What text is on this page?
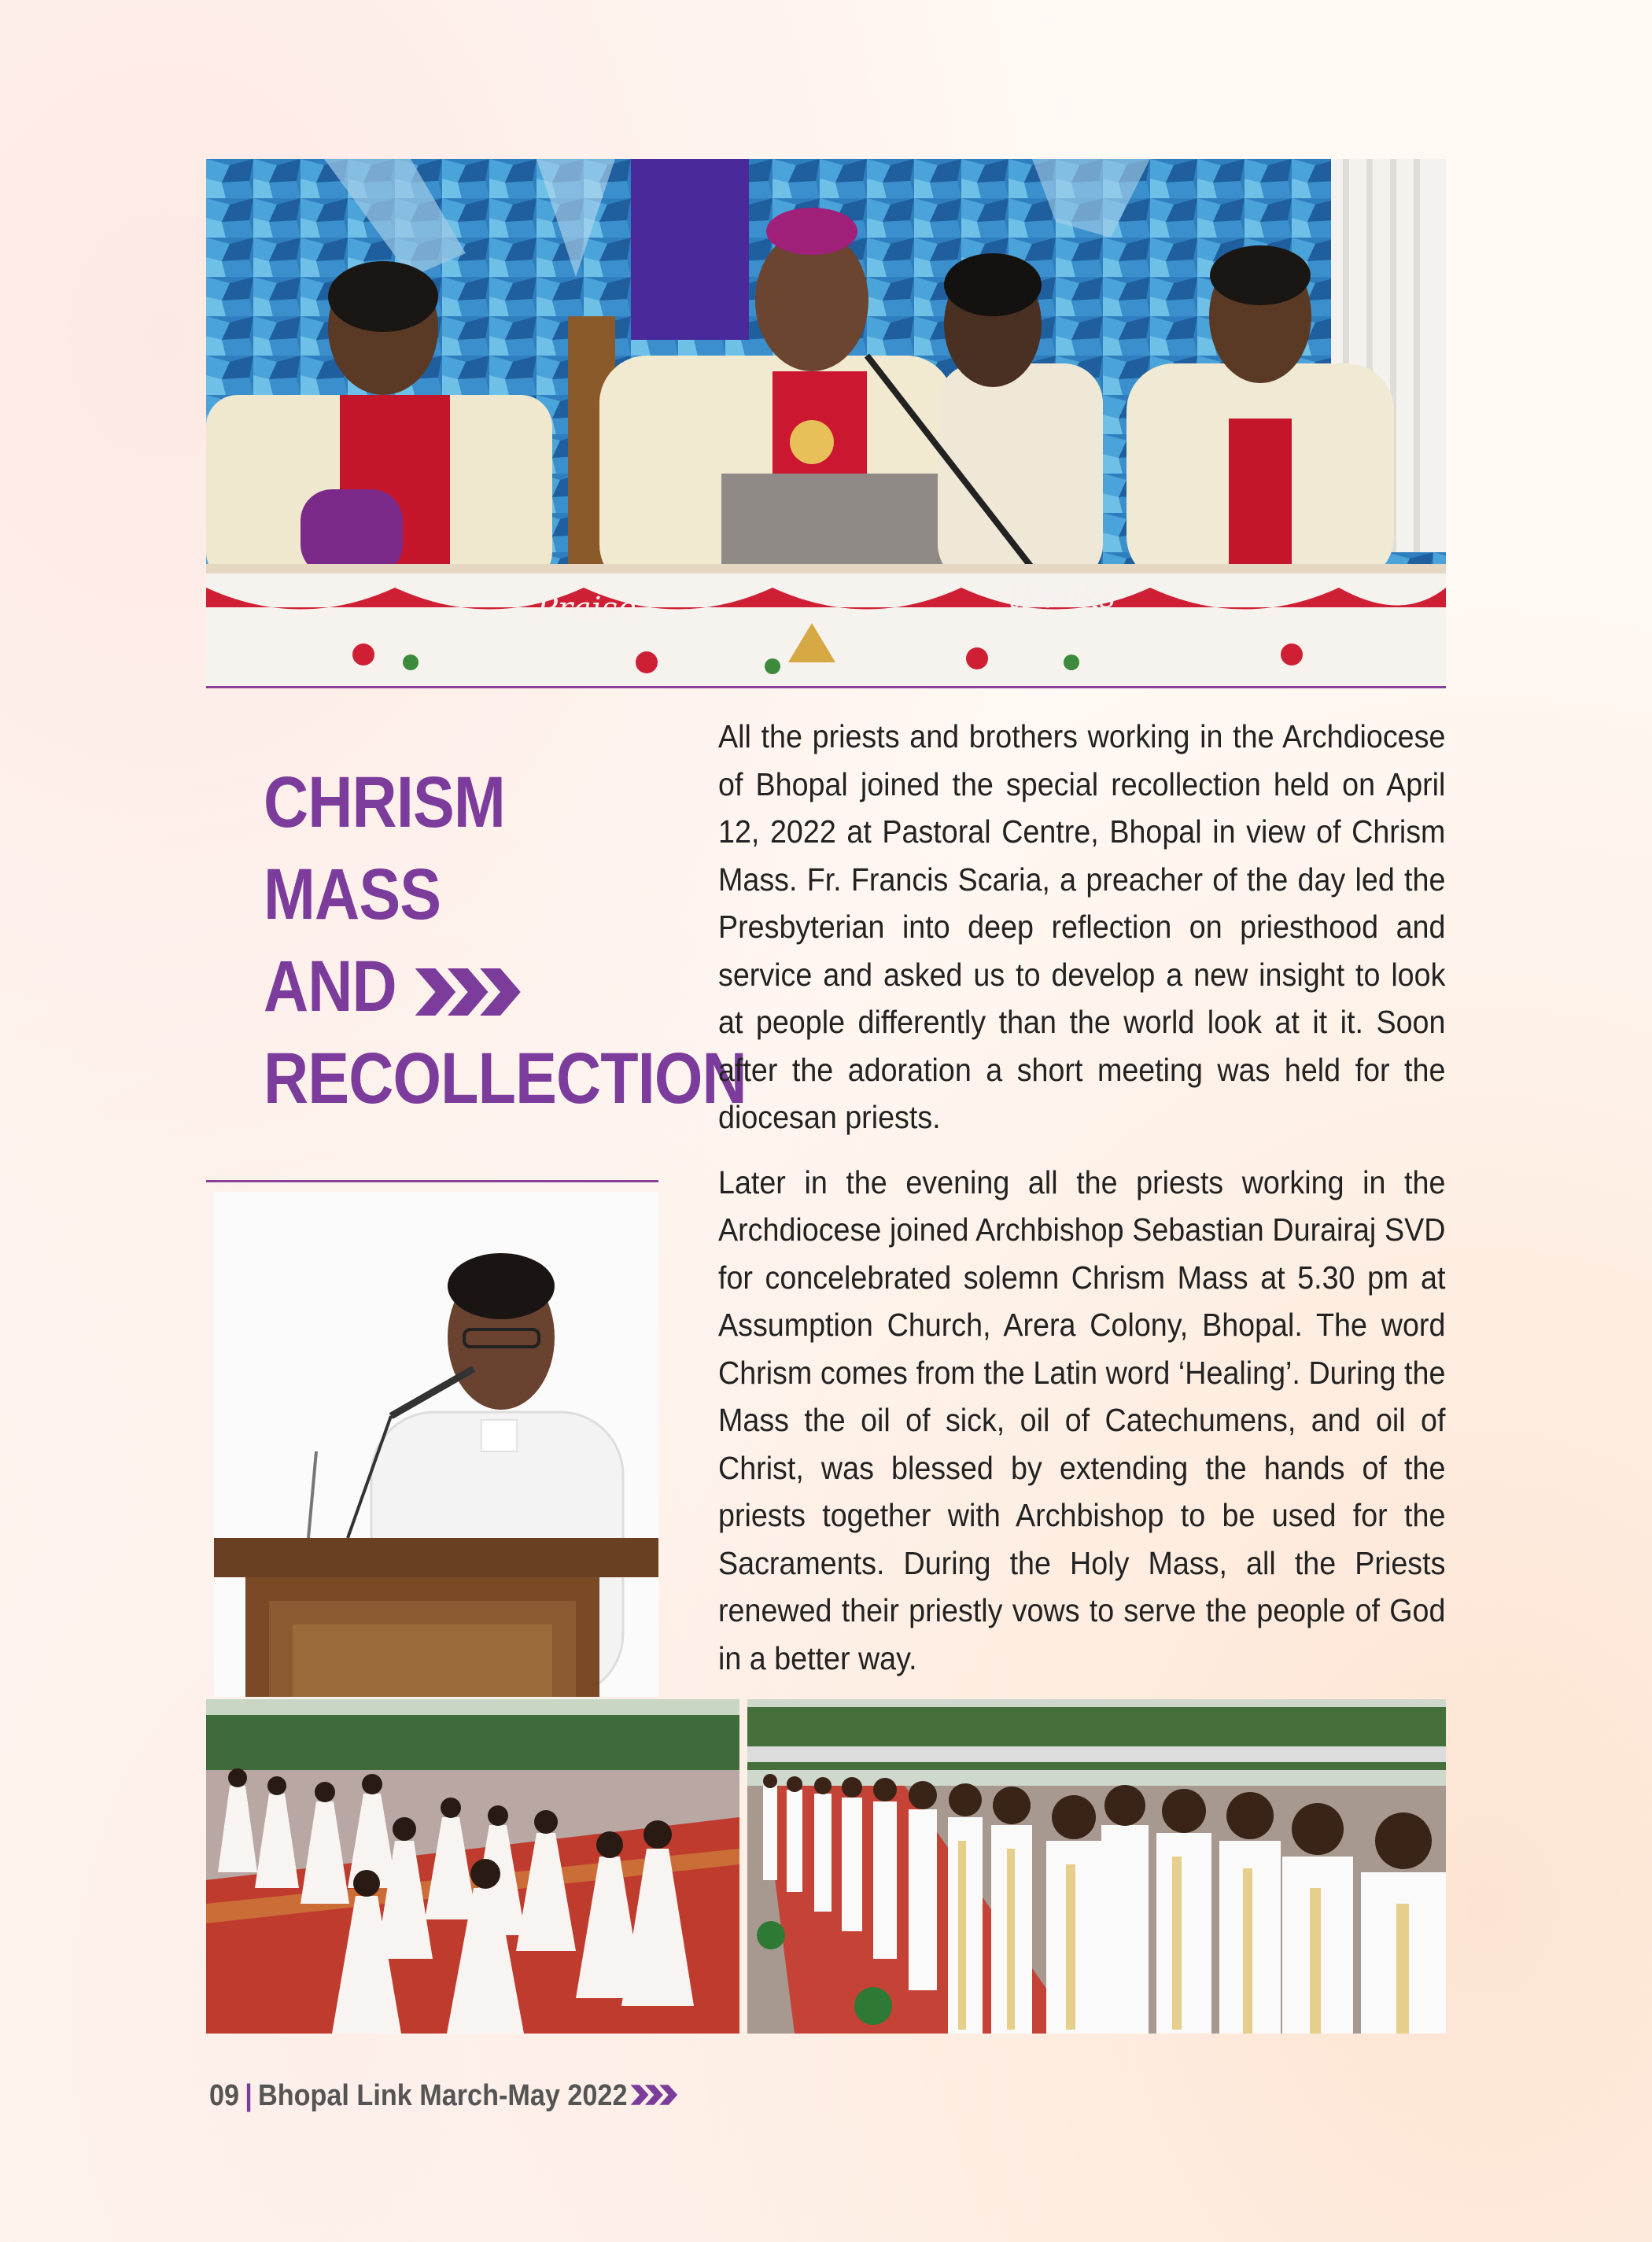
Praise	thanks
CHRISM
MASS
AND
RECOLLECTION

All the priests and brothers working in the Archdiocese of Bhopal joined the special recollection held on April 12, 2022 at Pastoral Centre, Bhopal in view of Chrism Mass. Fr. Francis Scaria, a preacher of the day led the Presbyterian into deep reflection on priesthood and service and asked us to develop a new insight to look at people differently than the world look at it it. Soon after the adoration a short meeting was held for the diocesan priests.

Later in the evening all the priests working in the Archdiocese joined Archbishop Sebastian Durairaj SVD for concelebrated solemn Chrism Mass at 5.30 pm at Assumption Church, Arera Colony, Bhopal. The word Chrism comes from the Latin word ‘Healing’. During the Mass the oil of sick, oil of Catechumens, and oil of Christ, was blessed by extending the hands of the priests together with Archbishop to be used for the Sacraments. During the Holy Mass, all the Priests renewed their priestly vows to serve the people of God in a better way.

09 | Bhopal Link March-May 2022
